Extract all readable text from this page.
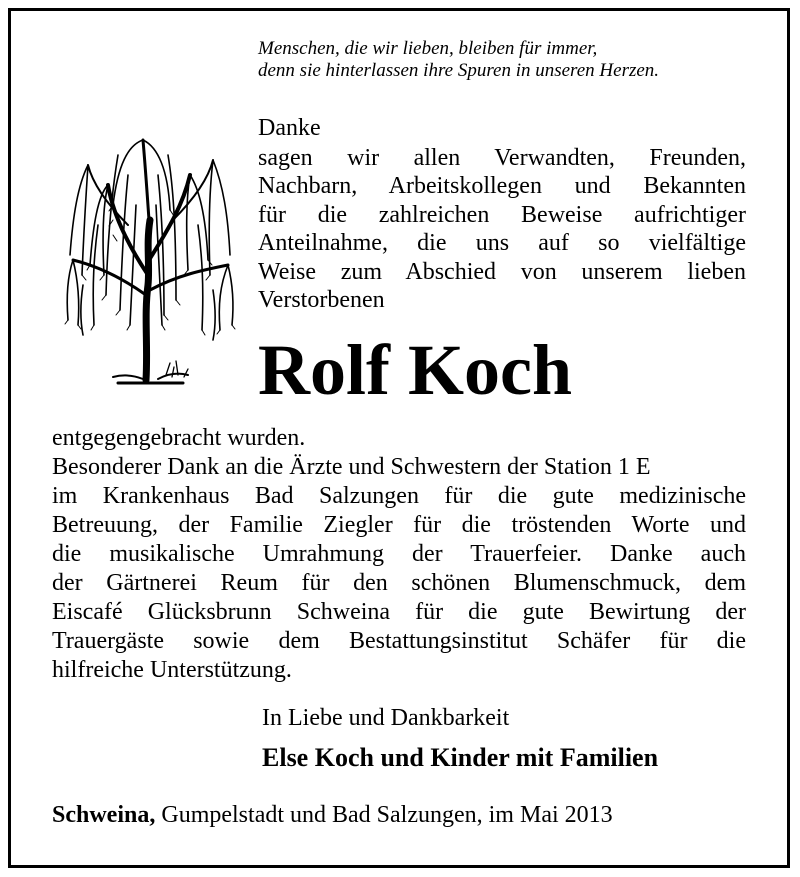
Menschen, die wir lieben, bleiben für immer,
denn sie hinterlassen ihre Spuren in unseren Herzen.
Danke
sagen wir allen Verwandten, Freunden,
Nachbarn, Arbeitskollegen und Bekannten
für die zahlreichen Beweise aufrichtiger
Anteilnahme, die uns auf so vielfältige
Weise zum Abschied von unserem lieben
Verstorbenen
Rolf Koch
entgegengebracht wurden.
Besonderer Dank an die Ärzte und Schwestern der Station 1 E
im Krankenhaus Bad Salzungen für die gute medizinische
Betreuung, der Familie Ziegler für die tröstenden Worte und
die musikalische Umrahmung der Trauerfeier. Danke auch
der Gärtnerei Reum für den schönen Blumenschmuck, dem
Eiscafé Glücksbrunn Schweina für die gute Bewirtung der
Trauergäste sowie dem Bestattungsinstitut Schäfer für die
hilfreiche Unterstützung.
In Liebe und Dankbarkeit
Else Koch und Kinder mit Familien
Schweina, Gumpelstadt und Bad Salzungen, im Mai 2013
